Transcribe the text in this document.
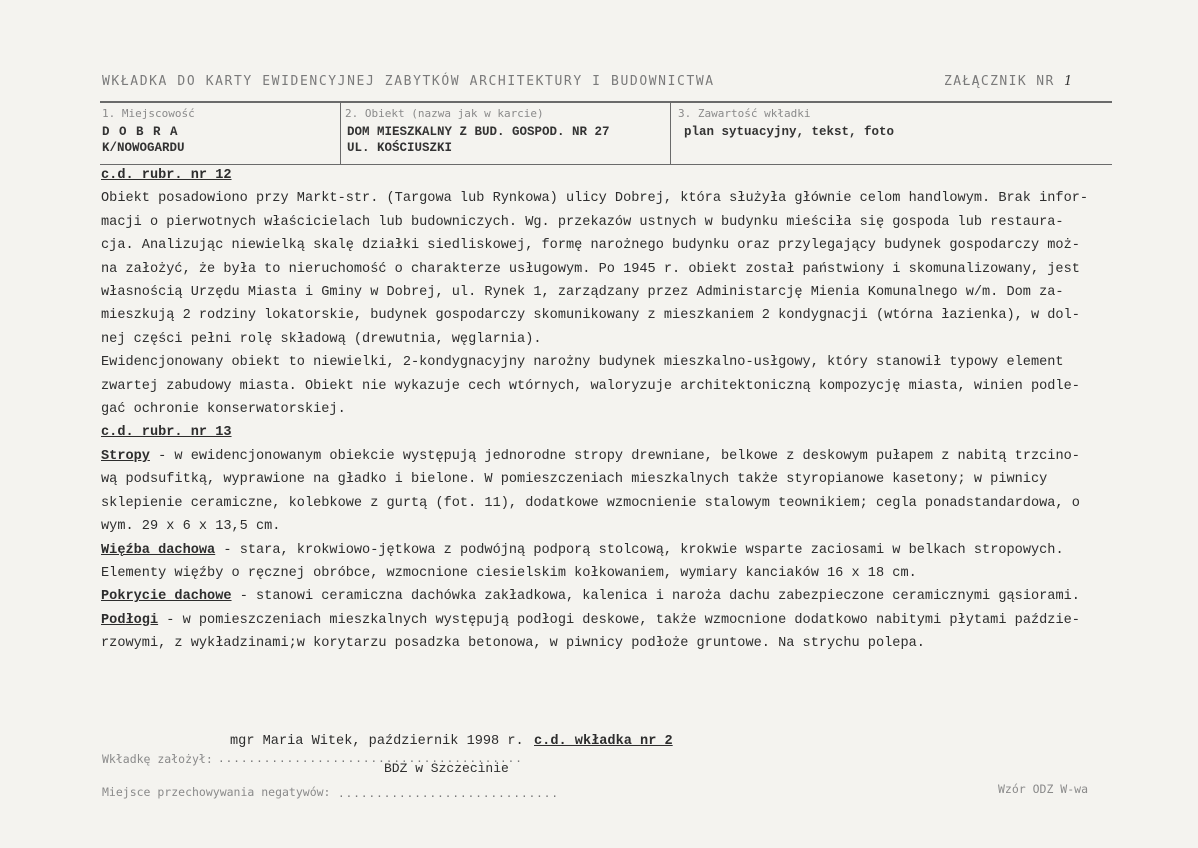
WKŁADKA DO KARTY EWIDENCYJNEJ ZABYTKÓW ARCHITEKTURY I BUDOWNICTWA	ZAŁĄCZNIK NR 1
1. Miejscowość
D O B R A
K/NOWOGARDU
2. Obiekt (nazwa jak w karcie)
DOM MIESZKALNY Z BUD. GOSPOD. NR 27
UL. KOŚCIUSZKI
3. Zawartość wkładki
plan sytuacyjny, tekst, foto
c.d. rubr. nr 12
Obiekt posadowiono przy Markt-str. (Targowa lub Rynkowa) ulicy Dobrej, która służyła głównie celom handlowym. Brak infor-
macji o pierwotnych właścicielach lub budowniczych. Wg. przekazów ustnych w budynku mieściła się gospoda lub restaura-
cja. Analizując niewielką skalę działki siedliskowej, formę narożnego budynku oraz przylegający budynek gospodarczy moż-
na założyć, że była to nieruchomość o charakterze usługowym. Po 1945 r. obiekt został państwiony i skomunalizowany, jest
własnością Urzędu Miasta i Gminy w Dobrej, ul. Rynek 1, zarządzany przez Administarcję Mienia Komunalnego w/m. Dom za-
mieszkują 2 rodziny lokatorskie, budynek gospodarczy skomunikowany z mieszkaniem 2 kondygnacji (wtórna łazienka), w dol-
nej części pełni rolę składową (drewutnia, węglarnia).
Ewidencjonowany obiekt to niewielki, 2-kondygnacyjny narożny budynek mieszkalno-usłgowy, który stanowił typowy element
zwartej zabudowy miasta. Obiekt nie wykazuje cech wtórnych, waloryzuje architektoniczną kompozycję miasta, winien podle-
gać ochronie konserwatorskiej.
c.d. rubr. nr 13
Stropy - w ewidencjonowanym obiekcie występują jednorodne stropy drewniane, belkowe z deskowym pułapem z nabitą trzcino-
wą podsufitką, wyprawione na gładko i bielone. W pomieszczeniach mieszkalnych także styropianowe kasetony; w piwnicy
sklepienie ceramiczne, kolebkowe z gurtą (fot. 11), dodatkowe wzmocnienie stalowym teownikiem; cegla ponadstandardowa, o
wym. 29 x 6 x 13,5 cm.
Więźba dachowa - stara, krokwiowo-jętkowa z podwójną podporą stolcową, krokwie wsparte zaciosami w belkach stropowych.
Elementy więźby o ręcznej obróbce, wzmocnione ciesielskim kołkowaniem, wymiary kanciaków 16 x 18 cm.
Pokrycie dachowe - stanowi ceramiczna dachówka zakładkowa, kalenica i naroża dachu zabezpieczone ceramicznymi gąsiorami.
Podłogi - w pomieszczeniach mieszkalnych występują podłogi deskowe, także wzmocnione dodatkowo nabitymi płytami paździe-
rzowymi, z wykładzinami;w korytarzu posadzka betonowa, w piwnicy podłoże gruntowe. Na strychu polepa.
Wkładkę założył: ........................................
mgr Maria Witek, październik 1998 r. c.d. wkładka nr 2
BDZ w Szczecinie
Miejsce przechowywania negatywów: .............................	Wzór ODZ W-wa
